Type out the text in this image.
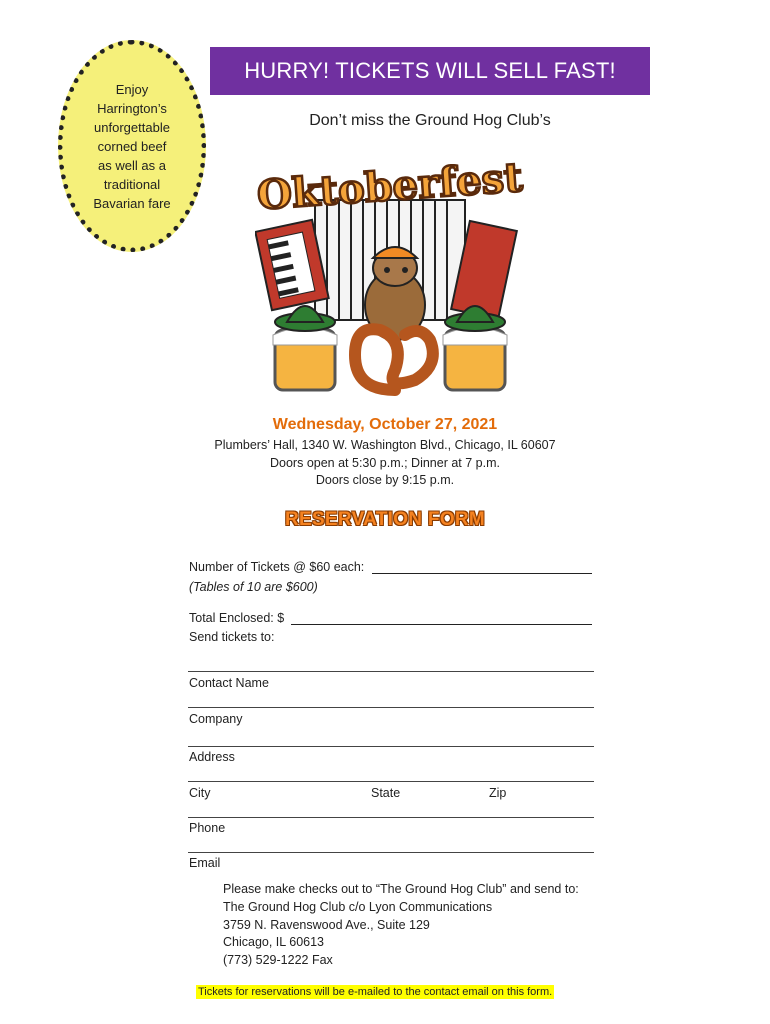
Enjoy
Harrington’s
unforgettable
corned beef
as well as a
traditional
Bavarian fare
HURRY! TICKETS WILL SELL FAST!
Don’t miss the Ground Hog Club’s
Oktoberfest
Wednesday, October 27, 2021
Plumbers’ Hall, 1340 W. Washington Blvd., Chicago, IL 60607
Doors open at 5:30 p.m.; Dinner at 7 p.m.
Doors close by 9:15 p.m.
RESERVATION FORM
Number of Tickets @ $60 each:
(Tables of 10 are $600)
Total Enclosed: $
Send tickets to:
Contact Name
Company
Address
City	State	Zip
Phone
Email
Please make checks out to “The Ground Hog Club” and send to:
The Ground Hog Club c/o Lyon Communications
3759 N. Ravenswood Ave., Suite 129
Chicago, IL 60613
(773) 529-1222 Fax
Tickets for reservations will be e-mailed to the contact email on this form.
